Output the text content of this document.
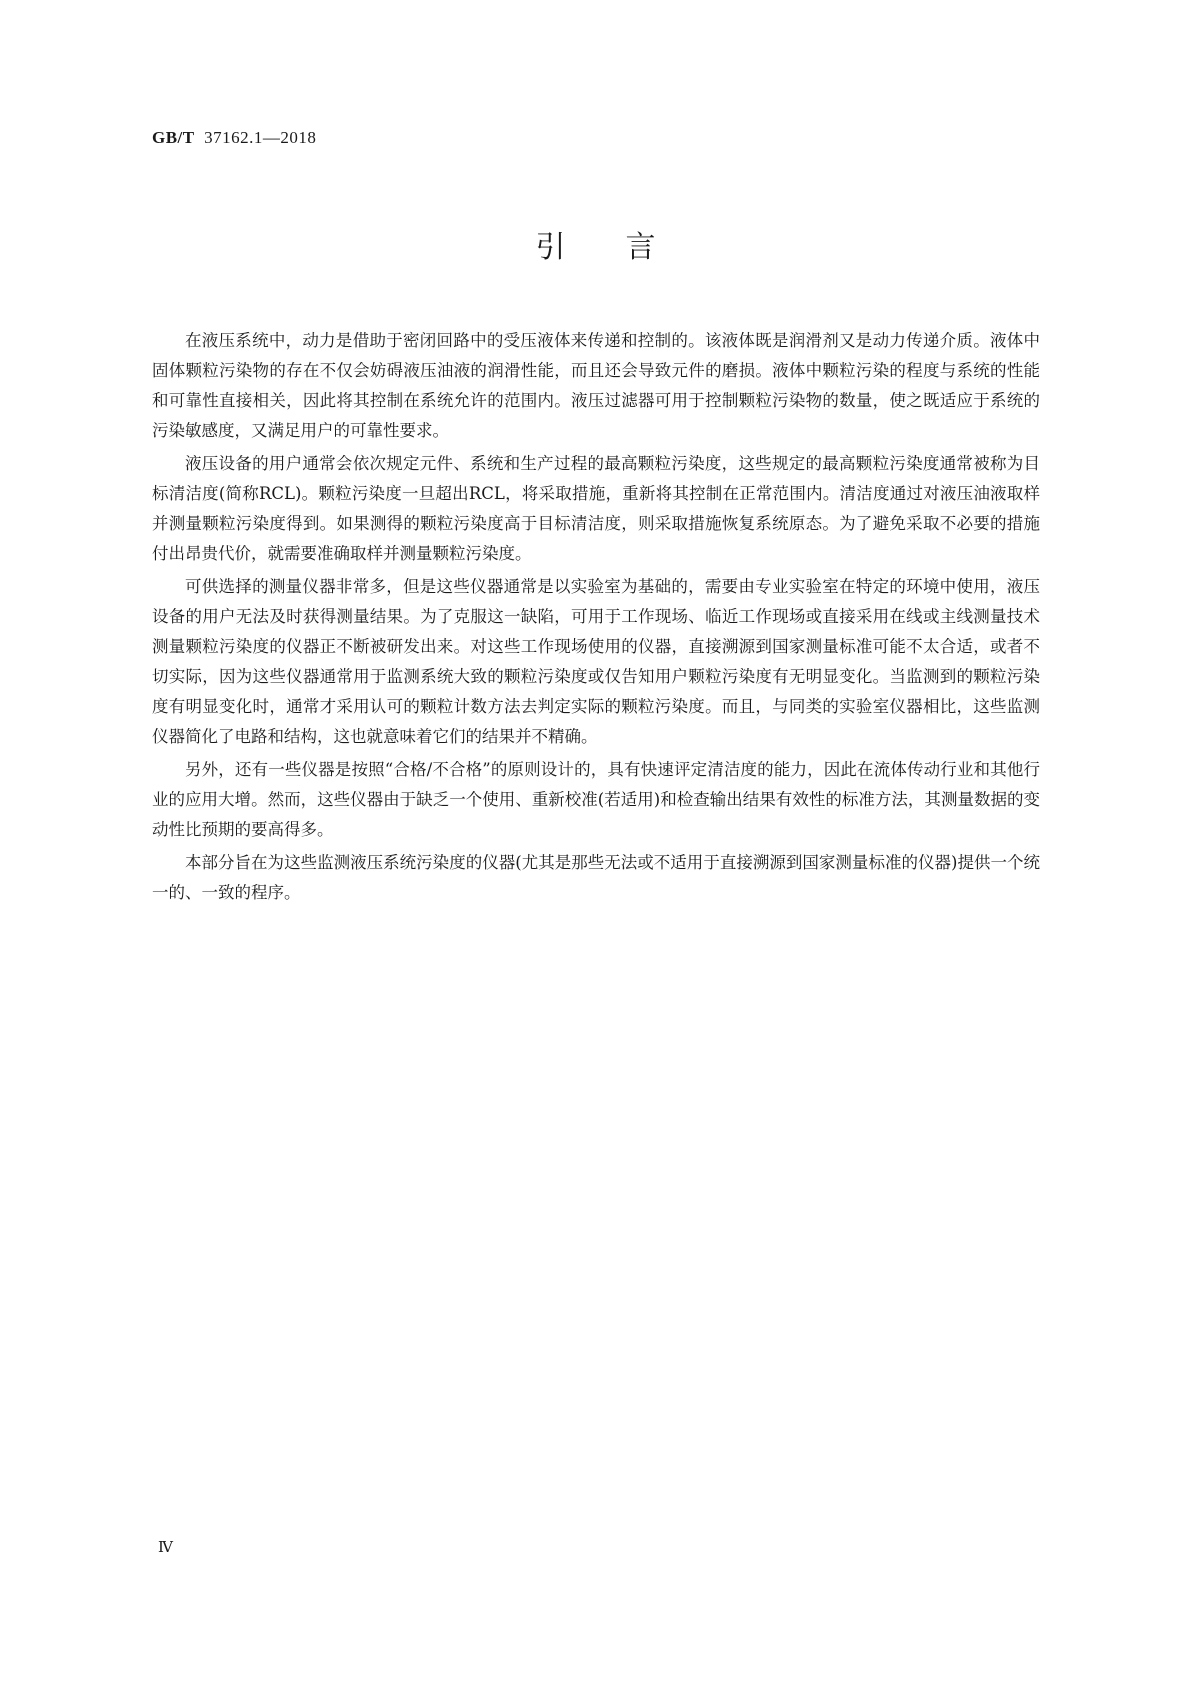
GB/T 37162.1—2018
引言

在液压系统中，动力是借助于密闭回路中的受压液体来传递和控制的。该液体既是润滑剂又是动力传递介质。液体中固体颗粒污染物的存在不仅会妨碍液压油液的润滑性能，而且还会导致元件的磨损。液体中颗粒污染的程度与系统的性能和可靠性直接相关，因此将其控制在系统允许的范围内。液压过滤器可用于控制颗粒污染物的数量，使之既适应于系统的污染敏感度，又满足用户的可靠性要求。

液压设备的用户通常会依次规定元件、系统和生产过程的最高颗粒污染度，这些规定的最高颗粒污染度通常被称为目标清洁度(简称RCL)。颗粒污染度一旦超出RCL，将采取措施，重新将其控制在正常范围内。清洁度通过对液压油液取样并测量颗粒污染度得到。如果测得的颗粒污染度高于目标清洁度，则采取措施恢复系统原态。为了避免采取不必要的措施付出昂贵代价，就需要准确取样并测量颗粒污染度。

可供选择的测量仪器非常多，但是这些仪器通常是以实验室为基础的，需要由专业实验室在特定的环境中使用，液压设备的用户无法及时获得测量结果。为了克服这一缺陷，可用于工作现场、临近工作现场或直接采用在线或主线测量技术测量颗粒污染度的仪器正不断被研发出来。对这些工作现场使用的仪器，直接溯源到国家测量标准可能不太合适，或者不切实际，因为这些仪器通常用于监测系统大致的颗粒污染度或仅告知用户颗粒污染度有无明显变化。当监测到的颗粒污染度有明显变化时，通常才采用认可的颗粒计数方法去判定实际的颗粒污染度。而且，与同类的实验室仪器相比，这些监测仪器简化了电路和结构，这也就意味着它们的结果并不精确。

另外，还有一些仪器是按照“合格/不合格”的原则设计的，具有快速评定清洁度的能力，因此在流体传动行业和其他行业的应用大增。然而，这些仪器由于缺乏一个使用、重新校准(若适用)和检查输出结果有效性的标准方法，其测量数据的变动性比预期的要高得多。

本部分旨在为这些监测液压系统污染度的仪器(尤其是那些无法或不适用于直接溯源到国家测量标准的仪器)提供一个统一的、一致的程序。

Ⅳ
